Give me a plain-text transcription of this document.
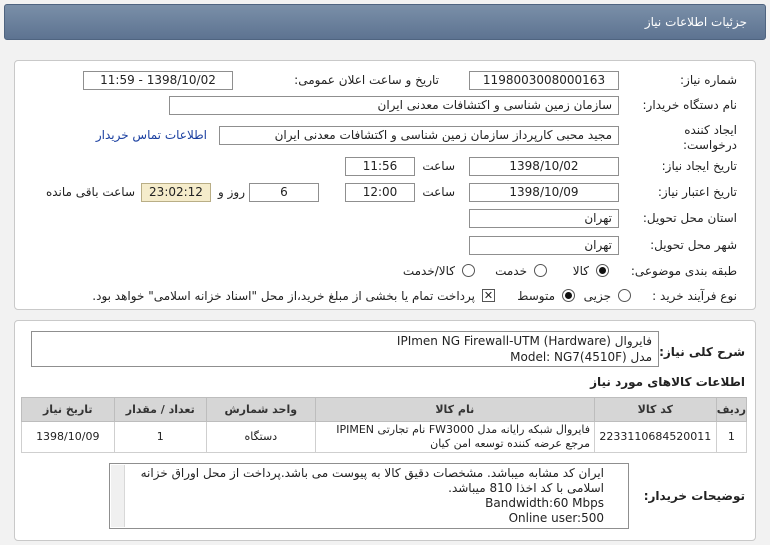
جزئیات اطلاعات نیاز
شماره نیاز:
1198003008000163
تاریخ و ساعت اعلان عمومی:
1398/10/02 - 11:59
نام دستگاه خریدار:
سازمان زمین شناسی و اکتشافات معدنی ایران
ایجاد کننده
درخواست:
مجید محبی کارپرداز سازمان زمین شناسی و اکتشافات معدنی ایران
اطلاعات تماس خریدار
تاریخ ایجاد نیاز:
1398/10/02
ساعت
11:56
تاریخ اعتبار نیاز:
1398/10/09
ساعت
12:00
6
روز و
23:02:12
ساعت باقی مانده
استان محل تحویل:
تهران
شهر محل تحویل:
تهران
طبقه بندی موضوعی:
کالا
خدمت
کالا/خدمت
نوع فرآیند خرید :
جزیی
متوسط
✕
پرداخت تمام یا بخشی از مبلغ خرید،از محل "اسناد خزانه اسلامی" خواهد بود.
شرح کلی نیاز:
فایروال IPImen NG Firewall-UTM (Hardware)
مدل Model: NG7(4510F)
اطلاعات کالاهای مورد نیاز
ردیف	کد کالا	نام کالا	واحد شمارش	تعداد / مقدار	تاریخ نیاز
1	2233110684520011	فایروال شبکه رایانه مدل FW3000 نام تجارتی IPIMEN مرجع عرضه کننده توسعه امن کیان	دستگاه	1	1398/10/09
توضیحات خریدار:
ایران کد مشابه میباشد. مشخصات دقیق کالا به پیوست می باشد.پرداخت از محل اوراق خزانه
اسلامی با کد اخذا 810 میباشد.
Bandwidth:60 Mbps
Online user:500
